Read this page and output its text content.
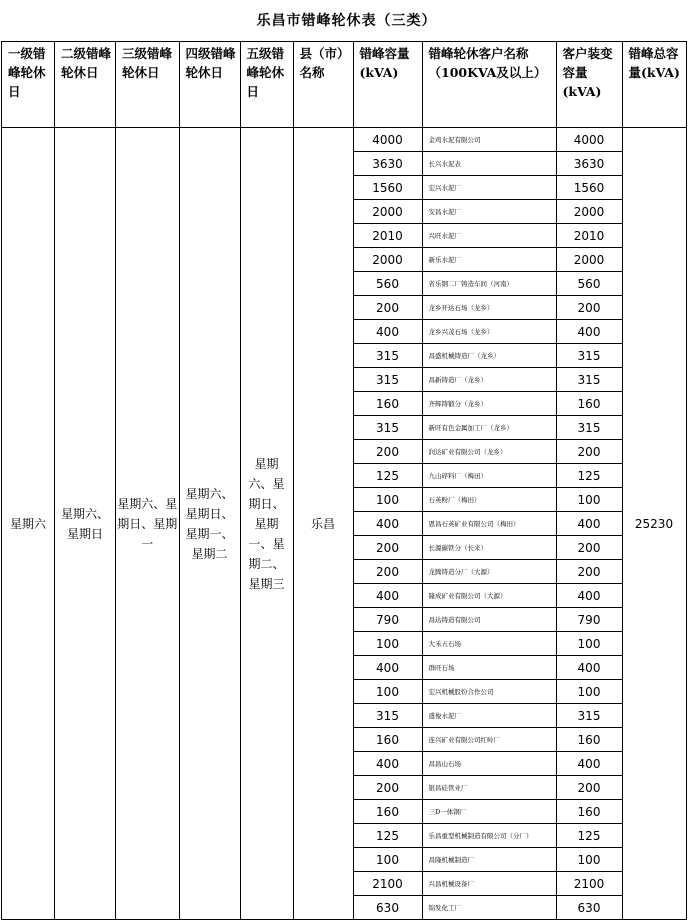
乐昌市错峰轮休表（三类）
一级错峰轮休日	二级错峰轮休日	三级错峰轮休日	四级错峰轮休日	五级错峰轮休日	县（市）名称	错峰容量(kVA)	错峰轮休客户名称（100KVA及以上）	客户装变容量(kVA)	错峰总容量(kVA)
星期六	星期六、星期日	星期六、星期日、星期一	星期六、星期日、星期一、星期二	星期六、星期日、星期一、星期二、星期三	乐昌	4000	金鸡水泥有限公司	4000	25230
						3630	长兴水泥表	3630	
						1560	宏兴水泥厂	1560	
						2000	安昌水泥厂	2000	
						2010	兴旺水泥厂	2010	
						2000	新乐水泥厂	2000	
						560	省乐钢二厂铸造车间（河南）	560	
						200	龙乡开达石场（龙乡）	200	
						400	龙乡兴茂石场（龙乡）	400	
						315	昌盛机械铸造厂（龙乡）	315	
						315	昌新铸造厂（龙乡）	315	
						160	齐辉铸锻分（龙乡）	160	
						315	新旺有色金属加工厂（龙乡）	315	
						200	润达矿业有限公司（龙乡）	200	
						125	九山碎料厂（梅田）	125	
						100	石英粉厂（梅田）	100	
						400	恩昌石英矿业有限公司（梅田）	400	
						200	长源碳铁分（长来）	200	
						200	龙腾铸造分厂（大源）	200	
						400	隆成矿业有限公司（大源）	400	
						790	昌达铸造有限公司	790	
						100	大禾五石场	100	
						400	群旺石场	400	
						100	宏兴机械股份合作公司	100	
						315	盛俊水泥厂	315	
						160	连兴矿业有限公司红岭厂	160	
						400	昌昌山石场	400	
						200	银昌硅管业厂	200	
						160	三D一体钢厂	160	
						125	乐昌重型机械制造有限公司（分厂）	125	
						100	昌隆机械制造厂	100	
						2100	兴昌机械设备厂	2100	
						630	锦发化工厂	630	
